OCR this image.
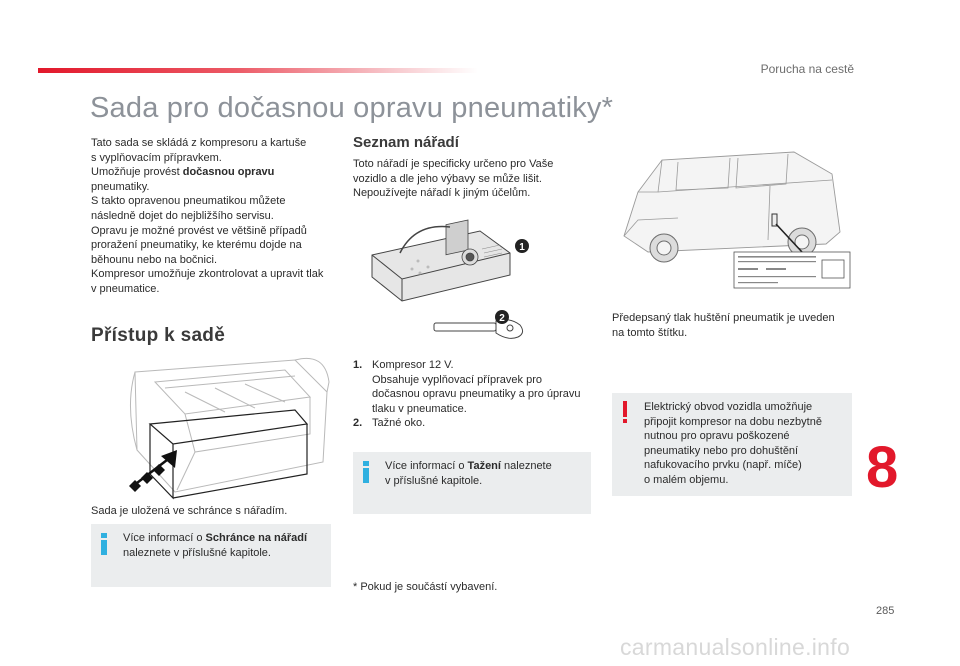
Porucha na cestě
Sada pro dočasnou opravu pneumatiky*
Tato sada se skládá z kompresoru a kartuše
s vyplňovacím přípravkem.
Umožňuje provést dočasnou opravu
pneumatiky.
S takto opravenou pneumatikou můžete
následně dojet do nejbližšího servisu.
Opravu je možné provést ve většině případů
proražení pneumatiky, ke kterému dojde na
běhounu nebo na bočnici.
Kompresor umožňuje zkontrolovat a upravit tlak
v pneumatice.
Přístup k sadě
Sada je uložená ve schránce s nářadím.
Více informací o Schránce na nářadí
naleznete v příslušné kapitole.
Seznam nářadí
Toto nářadí je specificky určeno pro Vaše
vozidlo a dle jeho výbavy se může lišit.
Nepoužívejte nářadí k jiným účelům.
1
2
1. Kompresor 12 V.
Obsahuje vyplňovací přípravek pro
dočasnou opravu pneumatiky a pro úpravu
tlaku v pneumatice.
2. Tažné oko.
Více informací o Tažení naleznete
v příslušné kapitole.
* Pokud je součástí vybavení.
Předepsaný tlak huštění pneumatik je uveden
na tomto štítku.
Elektrický obvod vozidla umožňuje
připojit kompresor na dobu nezbytně
nutnou pro opravu poškozené
pneumatiky nebo pro dohuštění
nafukovacího prvku (např. míče)
o malém objemu.	8
285
carmanualsonline.info
